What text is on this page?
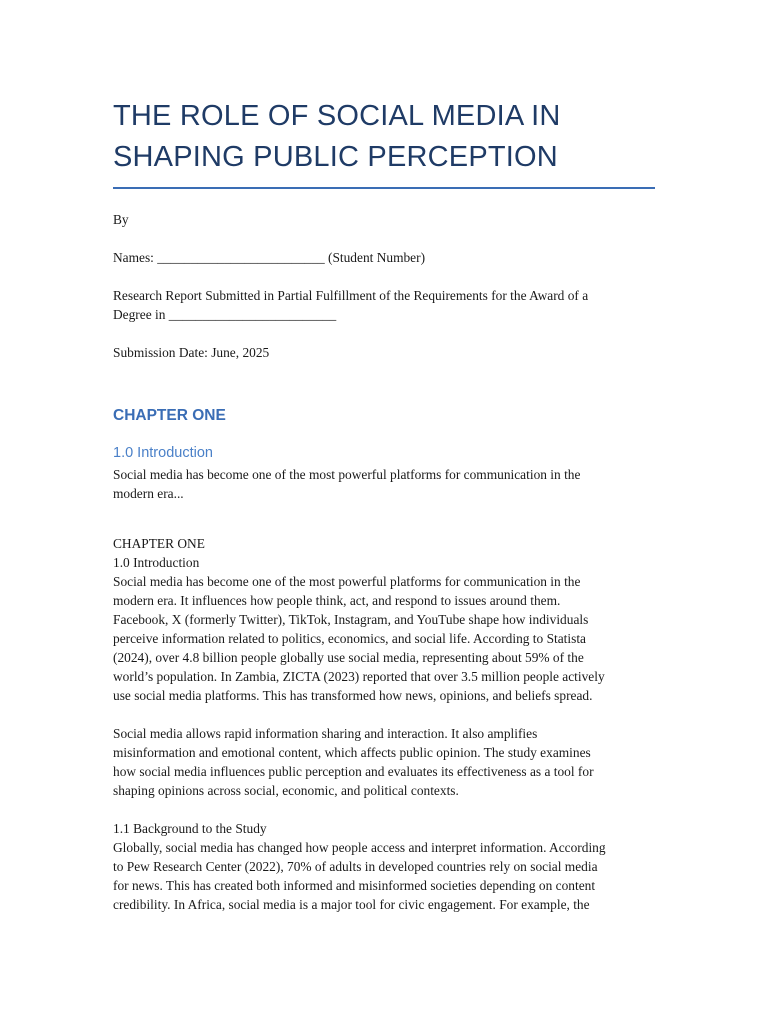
THE ROLE OF SOCIAL MEDIA IN
SHAPING PUBLIC PERCEPTION

By

Names: _________________________ (Student Number)

Research Report Submitted in Partial Fulfillment of the Requirements for the Award of a

Degree in _________________________

Submission Date: June, 2025

CHAPTER ONE
1.0 Introduction

Social media has become one of the most powerful platforms for communication in the

modern era...

CHAPTER ONE

1.0 Introduction

Social media has become one of the most powerful platforms for communication in the

modern era. It influences how people think, act, and respond to issues around them.

Facebook, X (formerly Twitter), TikTok, Instagram, and YouTube shape how individuals

perceive information related to politics, economics, and social life. According to Statista

(2024), over 4.8 billion people globally use social media, representing about 59% of the

world’s population. In Zambia, ZICTA (2023) reported that over 3.5 million people actively

use social media platforms. This has transformed how news, opinions, and beliefs spread.

Social media allows rapid information sharing and interaction. It also amplifies

misinformation and emotional content, which affects public opinion. The study examines

how social media influences public perception and evaluates its effectiveness as a tool for

shaping opinions across social, economic, and political contexts.

1.1 Background to the Study

Globally, social media has changed how people access and interpret information. According

to Pew Research Center (2022), 70% of adults in developed countries rely on social media

for news. This has created both informed and misinformed societies depending on content

credibility. In Africa, social media is a major tool for civic engagement. For example, the
